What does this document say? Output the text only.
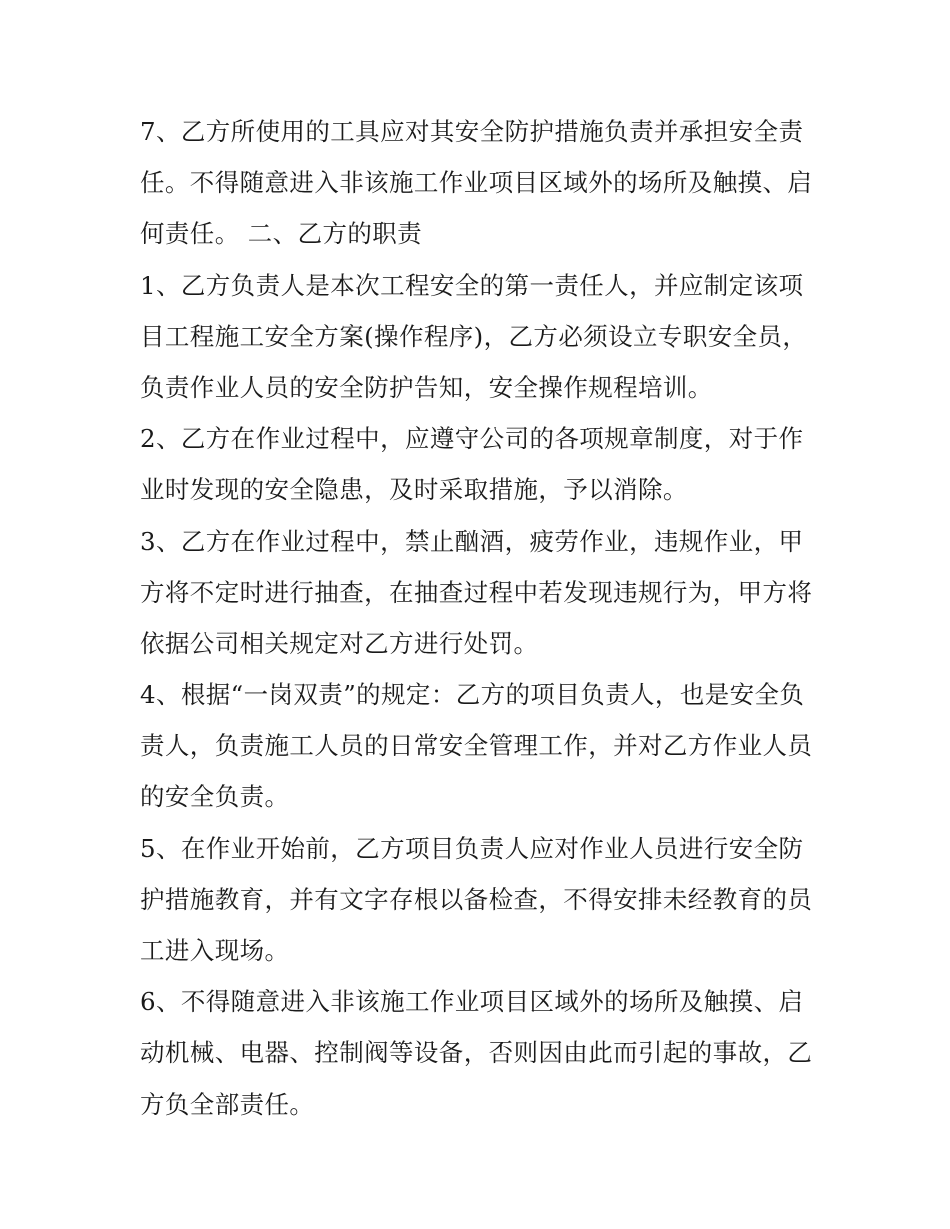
7、乙方所使用的工具应对其安全防护措施负责并承担安全责
任。不得随意进入非该施工作业项目区域外的场所及触摸、启
何责任。 二、乙方的职责
1、乙方负责人是本次工程安全的第一责任人，并应制定该项
目工程施工安全方案(操作程序)，乙方必须设立专职安全员，
负责作业人员的安全防护告知，安全操作规程培训。
2、乙方在作业过程中，应遵守公司的各项规章制度，对于作
业时发现的安全隐患，及时采取措施，予以消除。
3、乙方在作业过程中，禁止酗酒，疲劳作业，违规作业，甲
方将不定时进行抽查，在抽查过程中若发现违规行为，甲方将
依据公司相关规定对乙方进行处罚。
4、根据“一岗双责”的规定：乙方的项目负责人，也是安全负
责人，负责施工人员的日常安全管理工作，并对乙方作业人员
的安全负责。
5、在作业开始前，乙方项目负责人应对作业人员进行安全防
护措施教育，并有文字存根以备检查，不得安排未经教育的员
工进入现场。
6、不得随意进入非该施工作业项目区域外的场所及触摸、启
动机械、电器、控制阀等设备，否则因由此而引起的事故，乙
方负全部责任。
